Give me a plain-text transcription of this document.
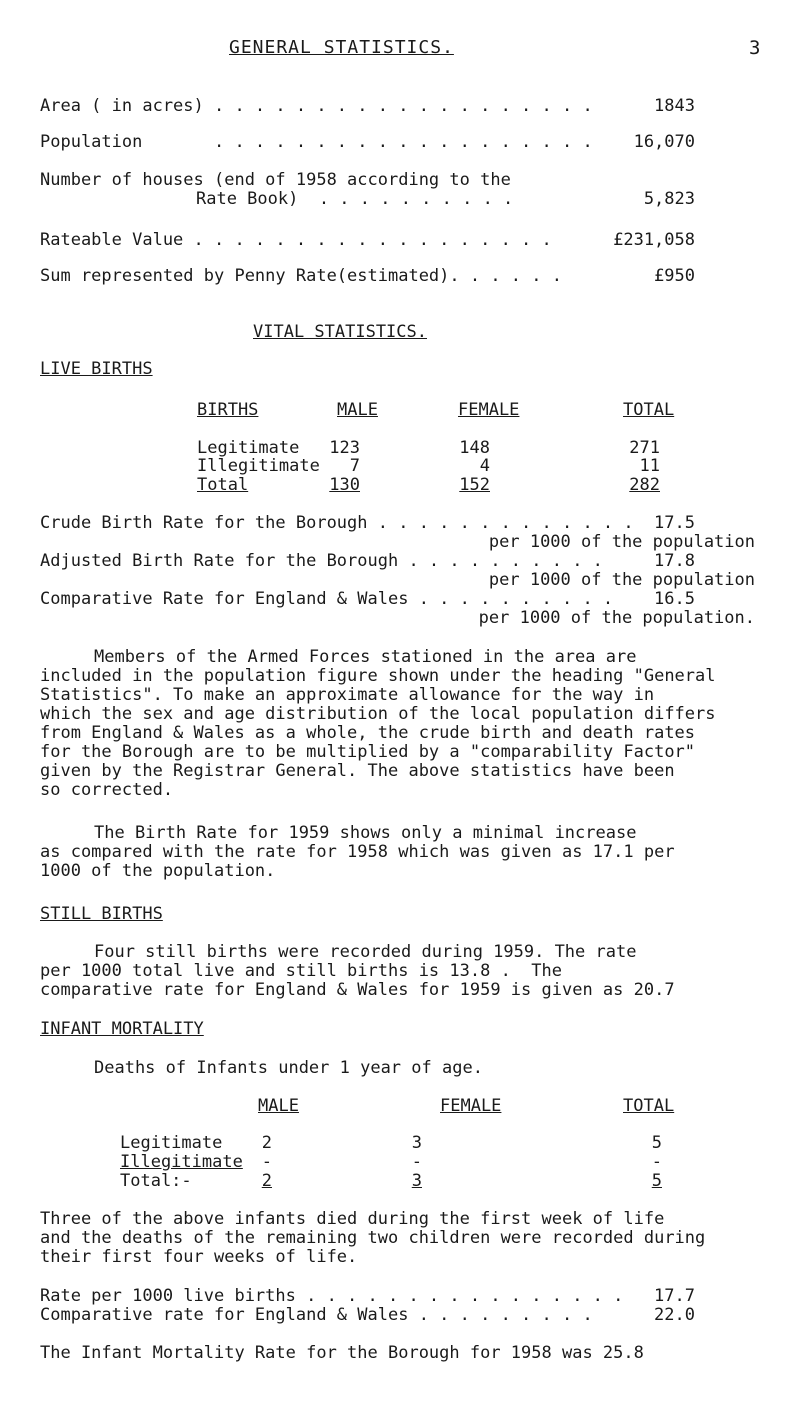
GENERAL STATISTICS.	3
Area ( in acres) . . . . . . . . . . . . . . . . . . .	1843
Population       . . . . . . . . . . . . . . . . . . . 16,070
Number of houses (end of 1958 according to the
Rate Book)  . . . . . . . . . .	5,823
Rateable Value . . . . . . . . . . . . . . . . . .	£231,058
Sum represented by Penny Rate(estimated). . . . . .	£950
VITAL STATISTICS.
LIVE BIRTHS
BIRTHS	MALE	FEMALE	TOTAL
Legitimate 123	148	271
Illegitimate 7	4	11
Total	130	152	282
Crude Birth Rate for the Borough . . . . . . . . . . . . . 17.5
per 1000 of the population
Adjusted Birth Rate for the Borough . . . . . . . . . .	17.8
per 1000 of the population
Comparative Rate for England & Wales . . . . . . . . . . 16.5
per 1000 of the population.
Members of the Armed Forces stationed in the area are
included in the population figure shown under the heading "General
Statistics". To make an approximate allowance for the way in
which the sex and age distribution of the local population differs
from England & Wales as a whole, the crude birth and death rates
for the Borough are to be multiplied by a "comparability Factor"
given by the Registrar General. The above statistics have been
so corrected.
The Birth Rate for 1959 shows only a minimal increase
as compared with the rate for 1958 which was given as 17.1 per
1000 of the population.
STILL BIRTHS
Four still births were recorded during 1959. The rate
per 1000 total live and still births is 13.8 .  The
comparative rate for England & Wales for 1959 is given as 20.7
INFANT MORTALITY
Deaths of Infants under 1 year of age.
MALE	FEMALE	TOTAL
Legitimate 2	3	5
Illegitimate -	-	-
Total:-	2	3	5
Three of the above infants died during the first week of life
and the deaths of the remaining two children were recorded during
their first four weeks of life.
Rate per 1000 live births . . . . . . . . . . . . . . . . 17.7
Comparative rate for England & Wales . . . . . . . . .	22.0
The Infant Mortality Rate for the Borough for 1958 was 25.8
